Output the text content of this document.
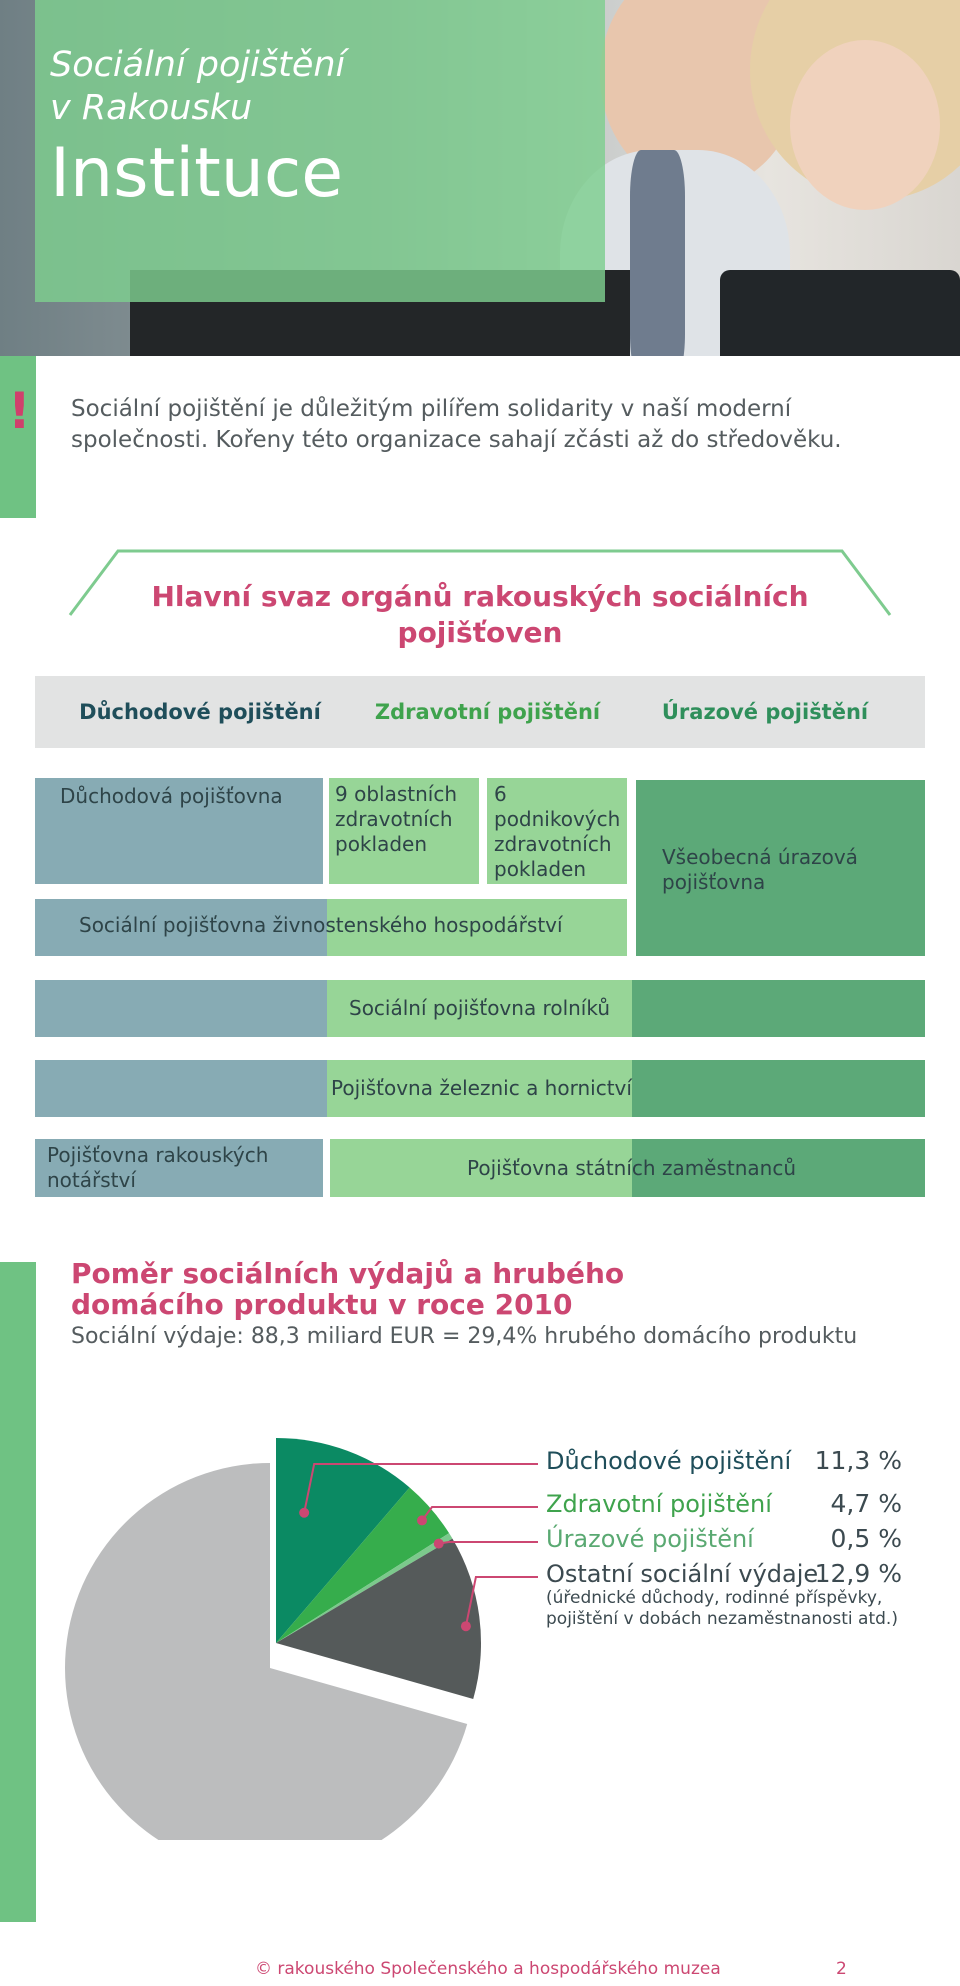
Sociální pojištění
v Rakousku
Instituce
! Sociální pojištění je důležitým pilířem solidarity v naší moderní společnosti. Kořeny této organizace sahají zčásti až do středověku.
Hlavní svaz orgánů rakouských sociálních pojišťoven
Důchodové pojištění	Zdravotní pojištění	Úrazové pojištění
Důchodová pojišťovna	9 oblastních zdravotních pokladen
6 podnikových zdravotních pokladen	Všeobecná úrazová pojišťovna
Sociální pojišťovna živnostenského hospodářství
Sociální pojišťovna rolníků
Pojišťovna železnic a hornictví
Pojišťovna rakouských notářství	Pojišťovna státních zaměstnanců
Poměr sociálních výdajů a hrubého domácího produktu v roce 2010
Sociální výdaje: 88,3 miliard EUR = 29,4% hrubého domácího produktu
Důchodové pojištění 11,3 %
Zdravotní pojištění	4,7 %
Úrazové pojištění	0,5 %
Ostatní sociální výdaje
12,9 %
(úřednické důchody, rodinné příspěvky, pojištění v dobách nezaměstnanosti atd.)
© rakouského Společenského a hospodářského muzea	2
